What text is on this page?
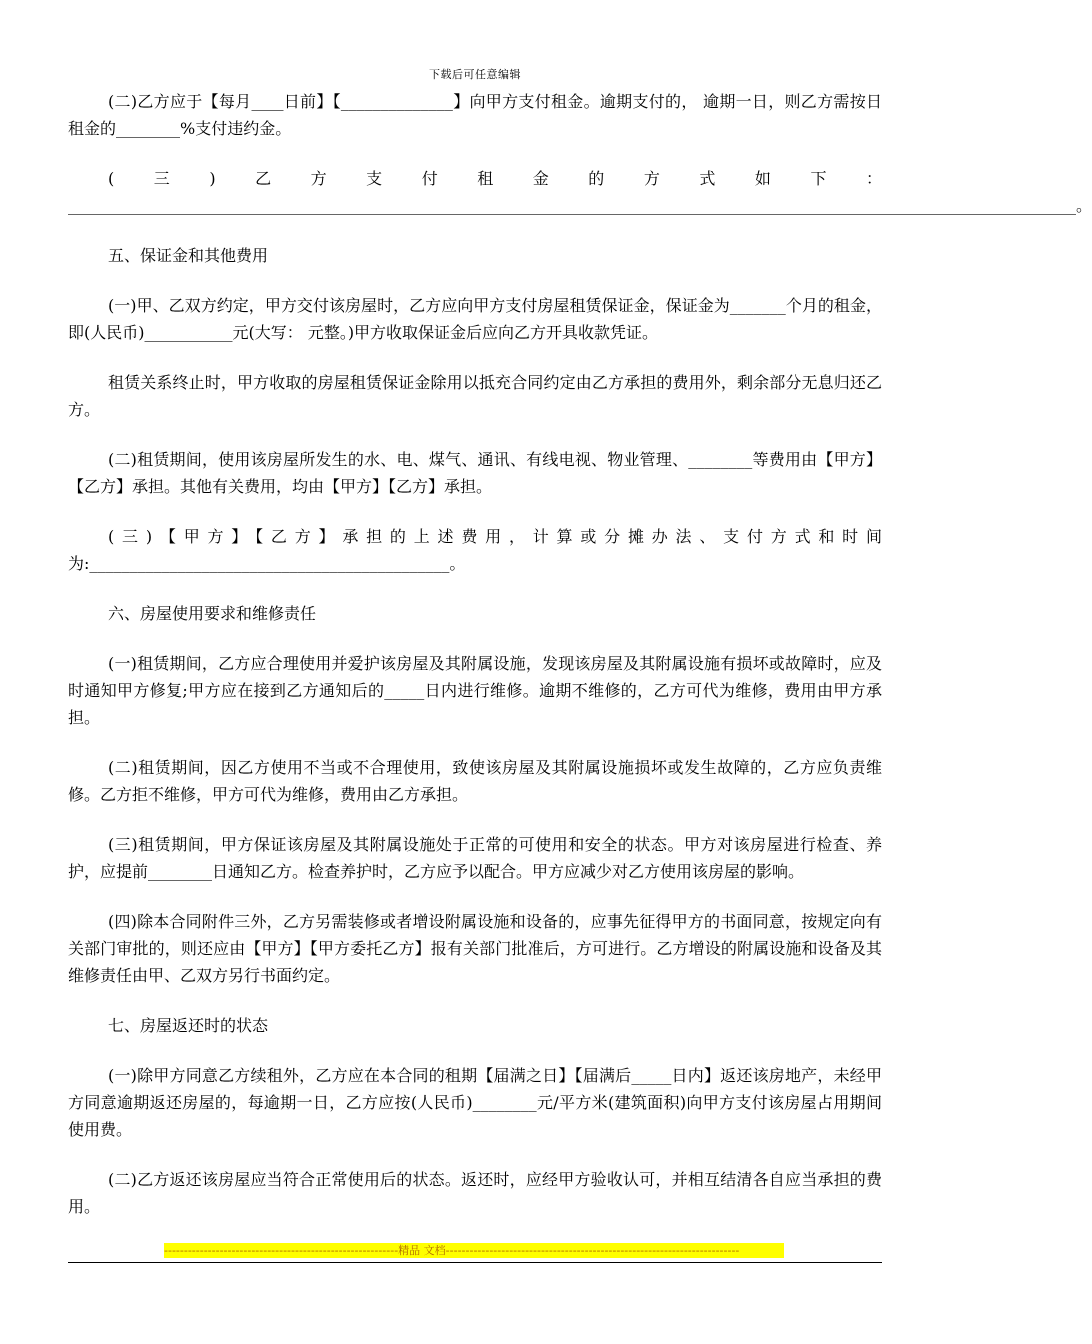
下载后可任意编辑

(二)乙方应于【每月____日前】【______________】向甲方支付租金。逾期支付的， 逾期一日，则乙方需按日租金的________%支付违约金。

(三)乙方支付租金的方式如下：______________________________________________________________________________________________________________________________。

五、保证金和其他费用

(一)甲、乙双方约定，甲方交付该房屋时，乙方应向甲方支付房屋租赁保证金，保证金为_______个月的租金，即(人民币)___________元(大写： 元整。)甲方收取保证金后应向乙方开具收款凭证。

租赁关系终止时，甲方收取的房屋租赁保证金除用以抵充合同约定由乙方承担的费用外，剩余部分无息归还乙方。

(二)租赁期间，使用该房屋所发生的水、电、煤气、通讯、有线电视、物业管理、________等费用由【甲方】【乙方】承担。其他有关费用，均由【甲方】【乙方】承担。

(三)【甲方】【乙方】承担的上述费用，计算或分摊办法、支付方式和时间为:_____________________________________________。

六、房屋使用要求和维修责任

(一)租赁期间，乙方应合理使用并爱护该房屋及其附属设施，发现该房屋及其附属设施有损坏或故障时，应及时通知甲方修复;甲方应在接到乙方通知后的_____日内进行维修。逾期不维修的，乙方可代为维修，费用由甲方承担。

(二)租赁期间，因乙方使用不当或不合理使用，致使该房屋及其附属设施损坏或发生故障的，乙方应负责维修。乙方拒不维修，甲方可代为维修，费用由乙方承担。

(三)租赁期间，甲方保证该房屋及其附属设施处于正常的可使用和安全的状态。甲方对该房屋进行检查、养护，应提前________日通知乙方。检查养护时，乙方应予以配合。甲方应减少对乙方使用该房屋的影响。

(四)除本合同附件三外，乙方另需装修或者增设附属设施和设备的，应事先征得甲方的书面同意，按规定向有关部门审批的，则还应由【甲方】【甲方委托乙方】报有关部门批准后，方可进行。乙方增设的附属设施和设备及其维修责任由甲、乙双方另行书面约定。

七、房屋返还时的状态

(一)除甲方同意乙方续租外，乙方应在本合同的租期【届满之日】【届满后_____日内】返还该房地产，未经甲方同意逾期返还房屋的，每逾期一日，乙方应按(人民币)________元/平方米(建筑面积)向甲方支付该房屋占用期间使用费。

(二)乙方返还该房屋应当符合正常使用后的状态。返还时，应经甲方验收认可，并相互结清各自应当承担的费用。

-----------------------------------------------------------精品 文档--------------------------------------------------------------------------
